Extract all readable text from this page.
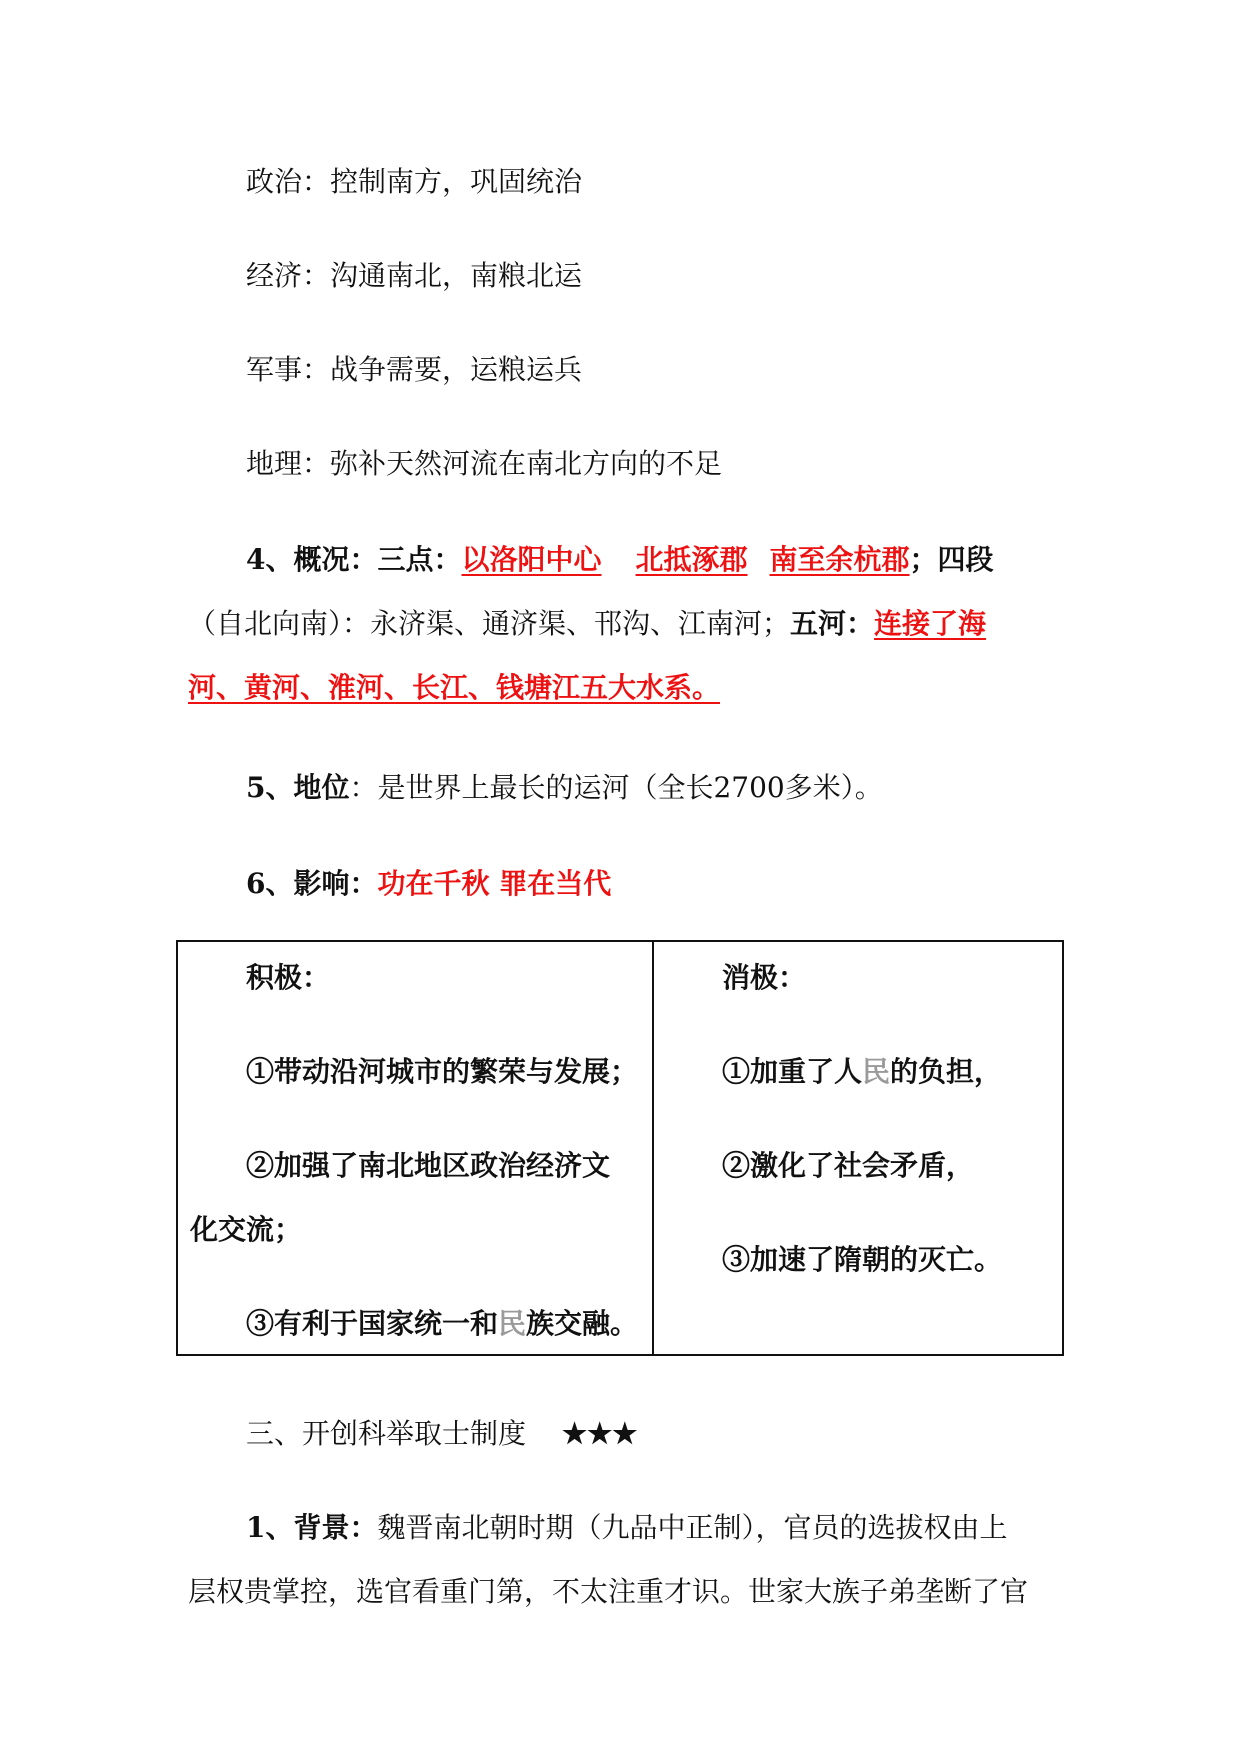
政治：控制南方，巩固统治
经济：沟通南北，南粮北运
军事：战争需要，运粮运兵
地理：弥补天然河流在南北方向的不足
4、概况：三点：以洛阳中心 北抵涿郡 南至余杭郡；四段
（自北向南）：永济渠、通济渠、邗沟、江南河；五河：连接了海
河、黄河、淮河、长江、钱塘江五大水系。
5、地位：是世界上最长的运河（全长2700多米）。
6、影响：功在千秋 罪在当代
积极：
①带动沿河城市的繁荣与发展；
②加强了南北地区政治经济文
化交流；
③有利于国家统一和民族交融。

消极：
①加重了人民的负担，
②激化了社会矛盾，
③加速了隋朝的灭亡。
三、开创科举取士制度 ★★★
1、背景：魏晋南北朝时期（九品中正制），官员的选拔权由上
层权贵掌控，选官看重门第，不太注重才识。世家大族子弟垄断了官
